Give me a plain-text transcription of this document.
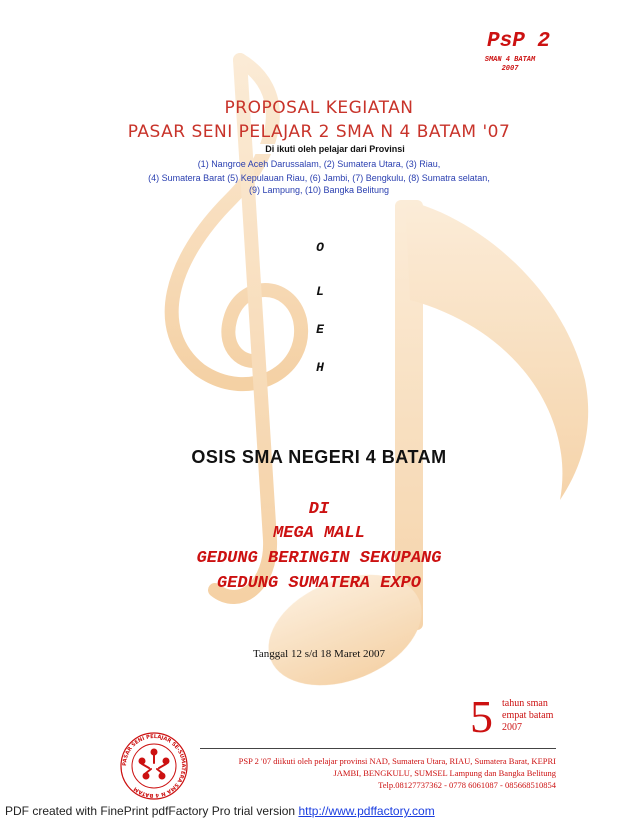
PsP 2
SMAN 4 BATAM
2007
PROPOSAL KEGIATAN
PASAR SENI PELAJAR 2 SMA N 4 BATAM '07
Di ikuti oleh pelajar dari Provinsi
(1) Nangroe Aceh Darussalam, (2) Sumatera Utara, (3) Riau,
(4) Sumatera Barat (5) Kepulauan Riau, (6) Jambi, (7) Bengkulu, (8) Sumatra selatan,
(9) Lampung, (10) Bangka Belitung
O
L
E
H
OSIS SMA NEGERI 4 BATAM
DI
MEGA MALL
GEDUNG BERINGIN SEKUPANG
GEDUNG SUMATERA EXPO
Tanggal 12 s/d 18 Maret 2007
5 tahun sman
empat batam
2007
PASAR SENI PELAJAR SE-SUMATERA SMA N 4 BATAM
PSP 2 '07 diikuti oleh pelajar provinsi NAD, Sumatera Utara, RIAU, Sumatera Barat, KEPRI
JAMBI, BENGKULU, SUMSEL Lampung dan Bangka Belitung
Telp.08127737362 - 0778 6061087 - 085668510854
PDF created with FinePrint pdfFactory Pro trial version http://www.pdffactory.com
